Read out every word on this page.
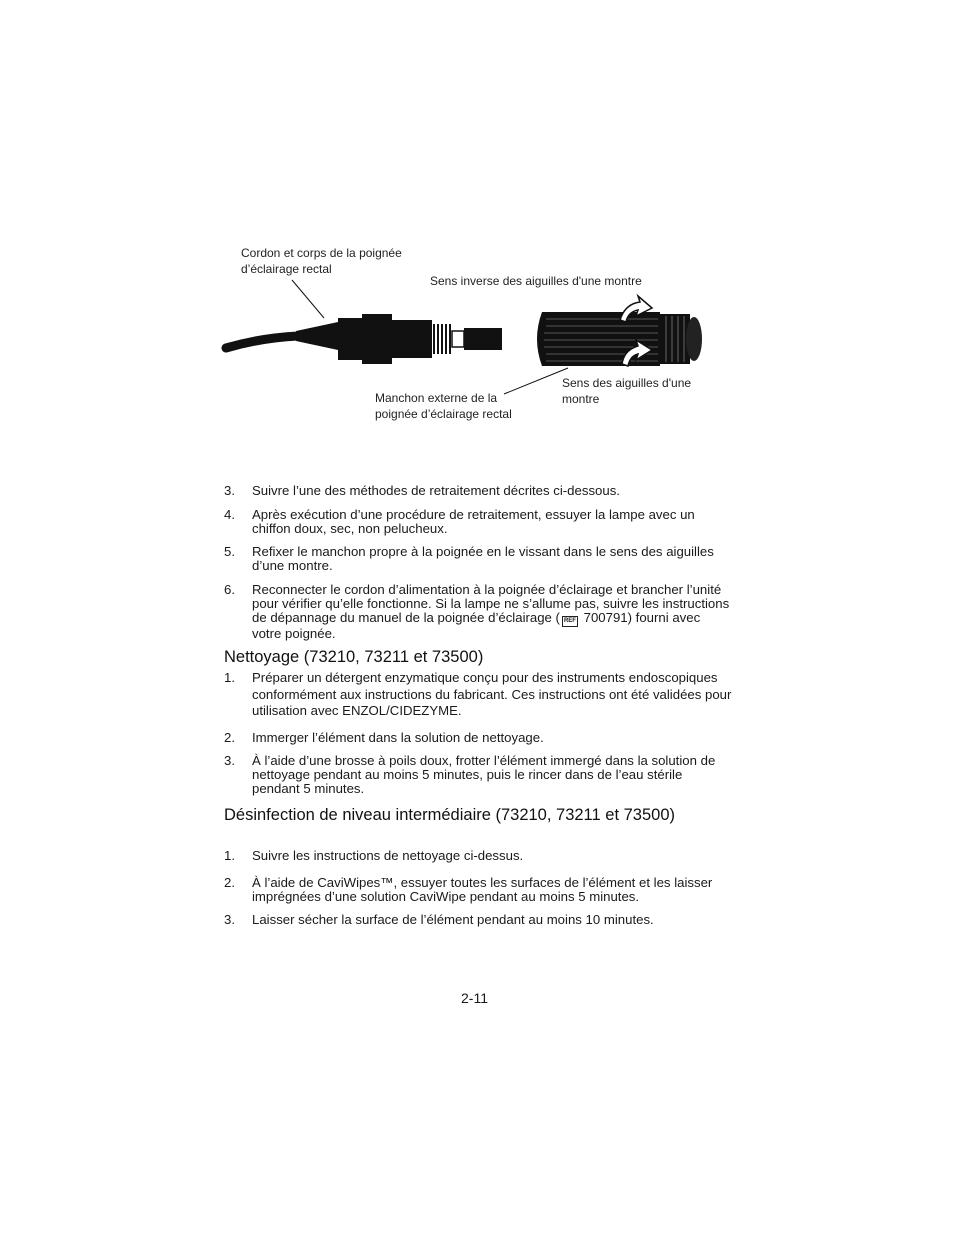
Cordon et corps de la poignée d’éclairage rectal
Sens inverse des aiguilles d'une montre
Manchon externe de la poignée d’éclairage rectal
Sens des aiguilles d'une montre
3.	Suivre l’une des méthodes de retraitement décrites ci-dessous.
4.	Après exécution d’une procédure de retraitement, essuyer la lampe avec un chiffon doux, sec, non pelucheux.
5.	Refixer le manchon propre à la poignée en le vissant dans le sens des aiguilles d’une montre.
6.	Reconnecter le cordon d’alimentation à la poignée d’éclairage et brancher l’unité pour vérifier qu’elle fonctionne. Si la lampe ne s’allume pas, suivre les instructions de dépannage du manuel de la poignée d’éclairage ( REF 700791) fourni avec votre poignée.
Nettoyage (73210, 73211 et 73500)
1.	Préparer un détergent enzymatique conçu pour des instruments endoscopiques conformément aux instructions du fabricant. Ces instructions ont été validées pour utilisation avec ENZOL/CIDEZYME.
2.	Immerger l’élément dans la solution de nettoyage.
3.	À l’aide d’une brosse à poils doux, frotter l’élément immergé dans la solution de nettoyage pendant au moins 5 minutes, puis le rincer dans de l’eau stérile pendant 5 minutes.
Désinfection de niveau intermédiaire (73210, 73211 et 73500)
1.	Suivre les instructions de nettoyage ci-dessus.
2.	À l’aide de CaviWipes™, essuyer toutes les surfaces de l’élément et les laisser imprégnées d’une solution CaviWipe pendant au moins 5 minutes.
3.	Laisser sécher la surface de l’élément pendant au moins 10 minutes.
2-11
